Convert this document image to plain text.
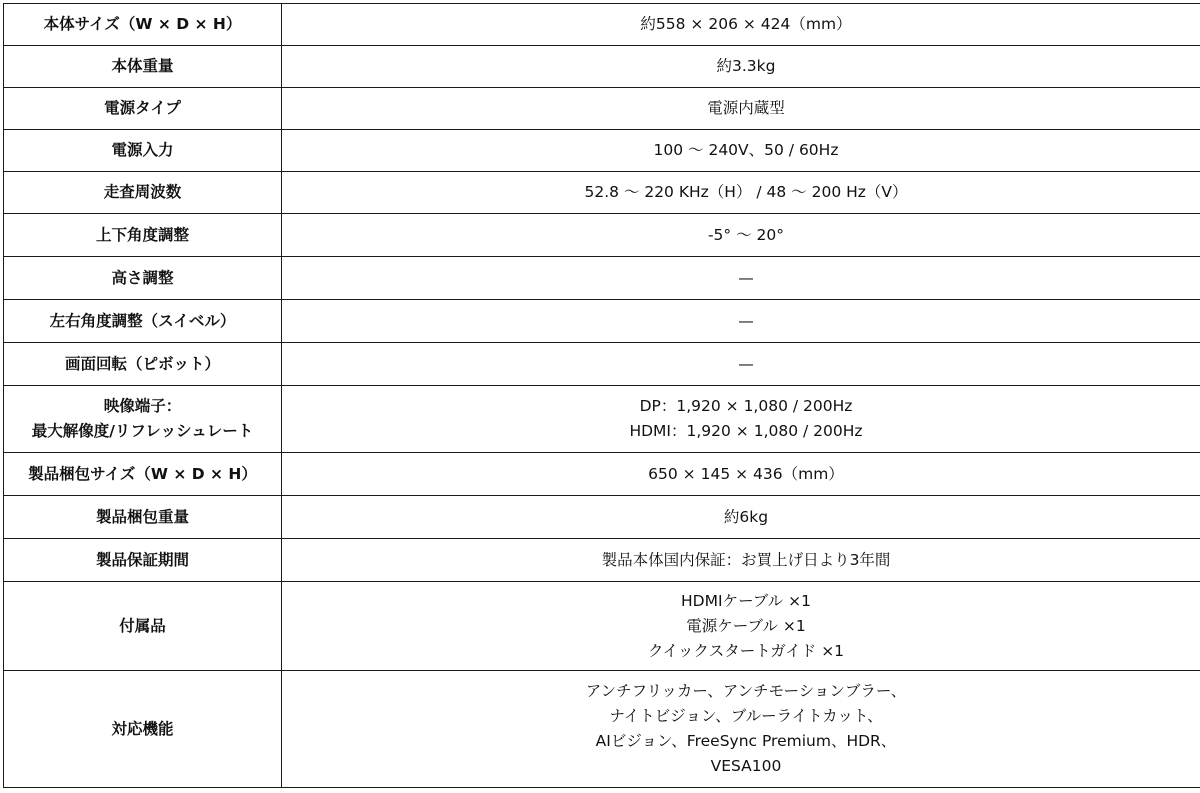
本体サイズ（W × D × H）	約558 × 206 × 424（mm）

本体重量	約3.3kg

電源タイプ	電源内蔵型

電源入力	100 ～ 240V、50 / 60Hz

走査周波数	52.8 ～ 220 KHz（H） / 48 ～ 200 Hz（V）

上下角度調整	-5° ～ 20°

高さ調整	—

左右角度調整（スイベル）	—

画面回転（ピボット）	—

映像端子：
最大解像度/リフレッシュレート	DP：1,920 × 1,080 / 200Hz
HDMI：1,920 × 1,080 / 200Hz

製品梱包サイズ（W × D × H）	650 × 145 × 436（mm）

製品梱包重量	約6kg

製品保証期間	製品本体国内保証：お買上げ日より3年間

付属品	HDMIケーブル ×1
電源ケーブル ×1
クイックスタートガイド ×1

対応機能	アンチフリッカー、アンチモーションブラー、
ナイトビジョン、ブルーライトカット、
AIビジョン、FreeSync Premium、HDR、
VESA100
